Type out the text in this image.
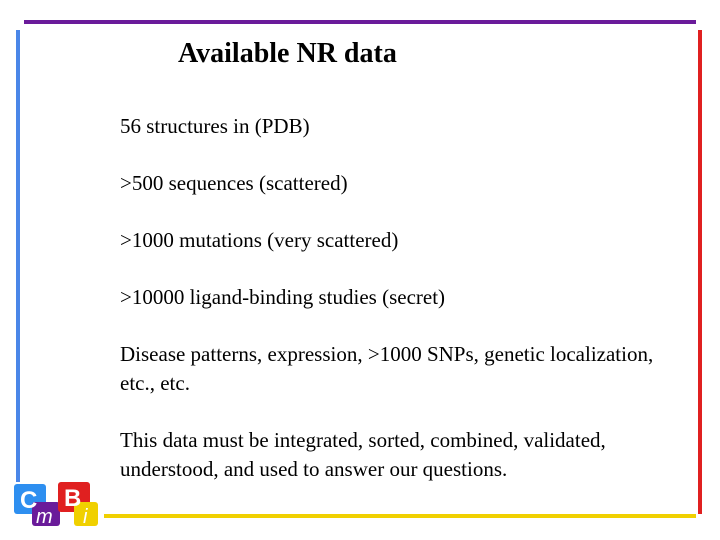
Available NR data

56 structures in (PDB)

>500 sequences (scattered)

>1000 mutations (very scattered)

>10000 ligand-binding studies (secret)

Disease patterns, expression, >1000 SNPs, genetic localization, etc., etc.

This data must be integrated, sorted, combined, validated, understood, and used to answer our questions.

C
m
B
i
